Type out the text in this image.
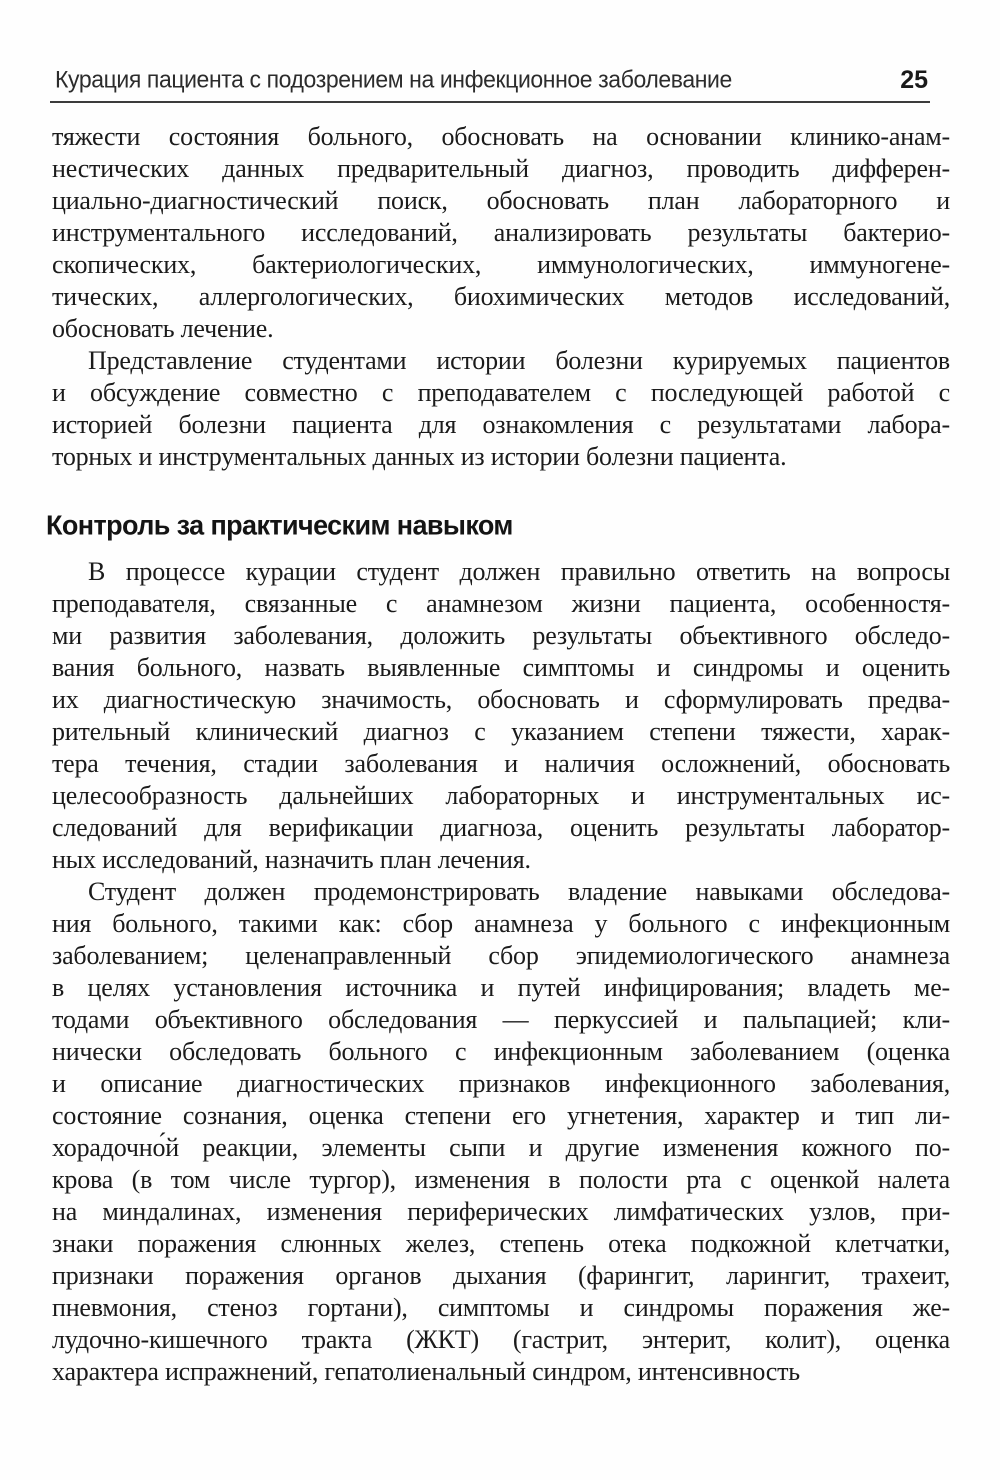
Курация пациента с подозрением на инфекционное заболевание	25
тяжести состояния больного, обосновать на основании клинико-анам-
нестических данных предварительный диагноз, проводить дифферен-
циально-диагностический поиск, обосновать план лабораторного и
инструментального исследований, анализировать результаты бактерио-
скопических, бактериологических, иммунологических, иммуногене-
тических, аллергологических, биохимических методов исследований,
обосновать лечение.
Представление студентами истории болезни курируемых пациентов
и обсуждение совместно с преподавателем с последующей работой с
историей болезни пациента для ознакомления с результатами лабора-
торных и инструментальных данных из истории болезни пациента.
Контроль за практическим навыком
В процессе курации студент должен правильно ответить на вопросы
преподавателя, связанные с анамнезом жизни пациента, особенностя-
ми развития заболевания, доложить результаты объективного обследо-
вания больного, назвать выявленные симптомы и синдромы и оценить
их диагностическую значимость, обосновать и сформулировать предва-
рительный клинический диагноз с указанием степени тяжести, харак-
тера течения, стадии заболевания и наличия осложнений, обосновать
целесообразность дальнейших лабораторных и инструментальных ис-
следований для верификации диагноза, оценить результаты лаборатор-
ных исследований, назначить план лечения.
Студент должен продемонстрировать владение навыками обследова-
ния больного, такими как: сбор анамнеза у больного с инфекционным
заболеванием; целенаправленный сбор эпидемиологического анамнеза
в целях установления источника и путей инфицирования; владеть ме-
тодами объективного обследования — перкуссией и пальпацией; кли-
нически обследовать больного с инфекционным заболеванием (оценка
и описание диагностических признаков инфекционного заболевания,
состояние сознания, оценка степени его угнетения, характер и тип ли-
хорадочно́й реакции, элементы сыпи и другие изменения кожного по-
крова (в том числе тургор), изменения в полости рта с оценкой налета
на миндалинах, изменения периферических лимфатических узлов, при-
знаки поражения слюнных желез, степень отека подкожной клетчатки,
признаки поражения органов дыхания (фарингит, ларингит, трахеит,
пневмония, стеноз гортани), симптомы и синдромы поражения же-
лудочно-кишечного тракта (ЖКТ) (гастрит, энтерит, колит), оценка
характера испражнений, гепатолиенальный синдром, интенсивность
